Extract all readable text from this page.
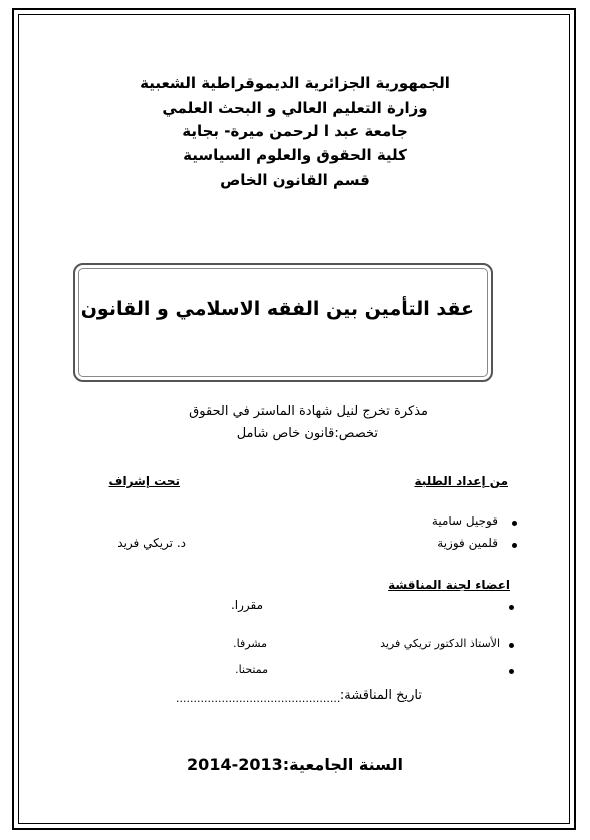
الجمهورية الجزائرية الديموقراطية الشعبية
وزارة التعليم العالي و البحث العلمي
جامعة عبد ا لرحمن ميرة- بجاية
كلية الحقوق والعلوم السياسية
قسم القانون الخاص
عقد التأمين بين الفقه الاسلامي و القانون
مذكرة تخرج لنيل شهادة الماستر في الحقوق
تخصص:قانون خاص شامل
من إعداد الطلبة
تحت إشراف
قوجيل سامية
قلمين فوزية
د. تريكي فريد
اعضاء لجنة المناقشة
مقررا.
الأستاذ الدكتور تريكي فريد
مشرفا.
ممتحنا.
تاريخ المناقشة:
...............................................
السنة الجامعية:2013-2014
